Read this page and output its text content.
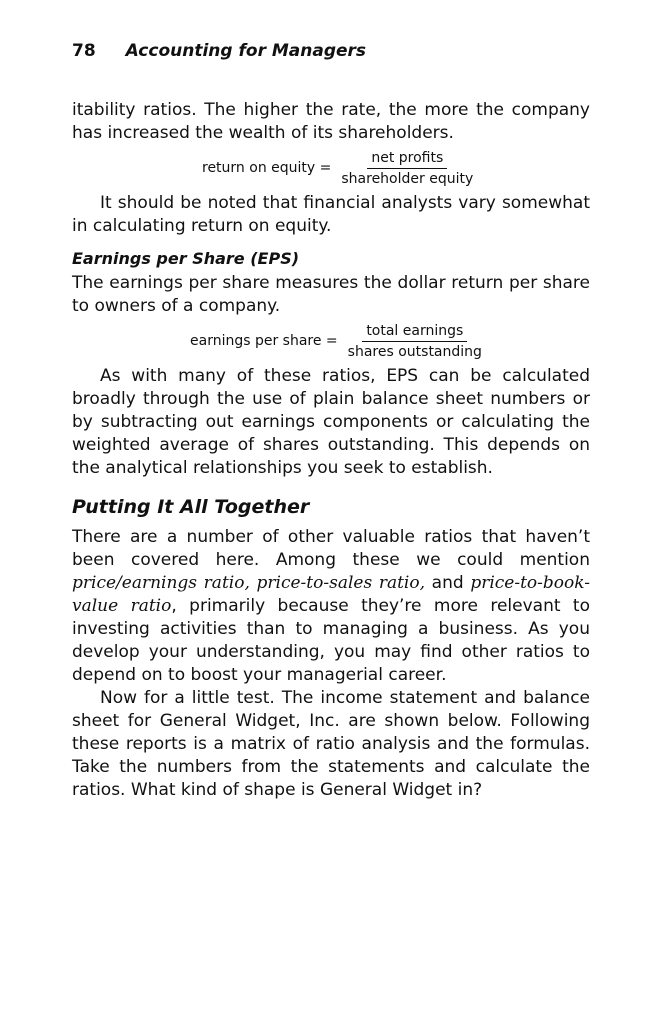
78 Accounting for Managers

itability ratios. The higher the rate, the more the company has increased the wealth of its shareholders.

return on equity = $\frac{\text{net profits}}{\text{shareholder equity}}$

It should be noted that financial analysts vary somewhat in calculating return on equity.

Earnings per Share (EPS)

The earnings per share measures the dollar return per share to owners of a company.

earnings per share = $\frac{\text{total earnings}}{\text{shares outstanding}}$

As with many of these ratios, EPS can be calculated broadly through the use of plain balance sheet numbers or by subtracting out earnings components or calculating the weighted average of shares outstanding. This depends on the analytical relationships you seek to establish.

Putting It All Together

There are a number of other valuable ratios that haven’t been covered here. Among these we could mention price/earnings ratio, price-to-sales ratio, and price-to-book-value ratio, primarily because they’re more relevant to investing activities than to managing a business. As you develop your understanding, you may find other ratios to depend on to boost your managerial career.

Now for a little test. The income statement and balance sheet for General Widget, Inc. are shown below. Following these reports is a matrix of ratio analysis and the formulas. Take the numbers from the statements and calculate the ratios. What kind of shape is General Widget in?
